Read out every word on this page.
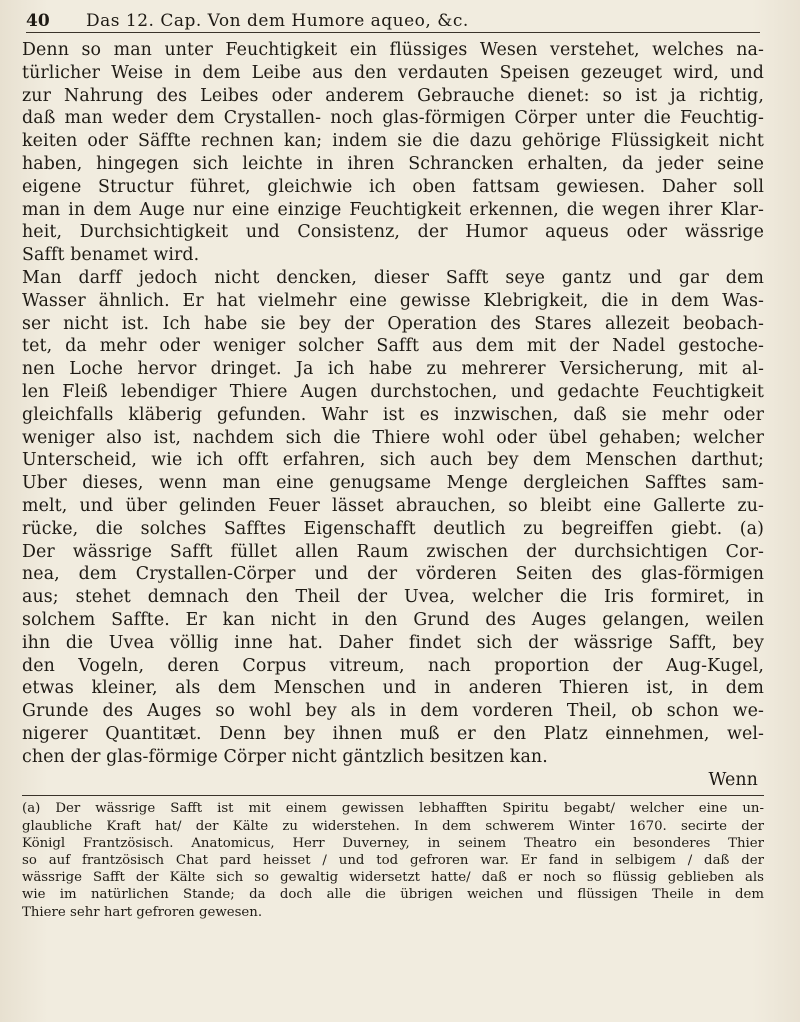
40 Das 12. Cap. Von dem Humore aqueo, &c.
Denn so man unter Feuchtigkeit ein flüssiges Wesen verstehet, welches na-
türlicher Weise in dem Leibe aus den verdauten Speisen gezeuget wird, und
zur Nahrung des Leibes oder anderem Gebrauche dienet: so ist ja richtig,
daß man weder dem Crystallen- noch glas-förmigen Cörper unter die Feuchtig-
keiten oder Säffte rechnen kan; indem sie die dazu gehörige Flüssigkeit nicht
haben, hingegen sich leichte in ihren Schrancken erhalten, da jeder seine
eigene Structur führet, gleichwie ich oben fattsam gewiesen. Daher soll
man in dem Auge nur eine einzige Feuchtigkeit erkennen, die wegen ihrer Klar-
heit, Durchsichtigkeit und Consistenz, der Humor aqueus oder wässrige
Safft benamet wird.
Man darff jedoch nicht dencken, dieser Safft seye gantz und gar dem
Wasser ähnlich. Er hat vielmehr eine gewisse Klebrigkeit, die in dem Was-
ser nicht ist. Ich habe sie bey der Operation des Stares allezeit beobach-
tet, da mehr oder weniger solcher Safft aus dem mit der Nadel gestoche-
nen Loche hervor dringet. Ja ich habe zu mehrerer Versicherung, mit al-
len Fleiß lebendiger Thiere Augen durchstochen, und gedachte Feuchtigkeit
gleichfalls kläberig gefunden. Wahr ist es inzwischen, daß sie mehr oder
weniger also ist, nachdem sich die Thiere wohl oder übel gehaben; welcher
Unterscheid, wie ich offt erfahren, sich auch bey dem Menschen darthut;
Uber dieses, wenn man eine genugsame Menge dergleichen Safftes sam-
melt, und über gelinden Feuer lässet abrauchen, so bleibt eine Gallerte zu-
rücke, die solches Safftes Eigenschafft deutlich zu begreiffen giebt. (a)
Der wässrige Safft füllet allen Raum zwischen der durchsichtigen Cor-
nea, dem Crystallen-Cörper und der vörderen Seiten des glas-förmigen
aus; stehet demnach den Theil der Uvea, welcher die Iris formiret, in
solchem Saffte. Er kan nicht in den Grund des Auges gelangen, weilen
ihn die Uvea völlig inne hat. Daher findet sich der wässrige Safft, bey
den Vogeln, deren Corpus vitreum, nach proportion der Aug-Kugel,
etwas kleiner, als dem Menschen und in anderen Thieren ist, in dem
Grunde des Auges so wohl bey als in dem vorderen Theil, ob schon we-
nigerer Quantitæt. Denn bey ihnen muß er den Platz einnehmen, wel-
chen der glas-förmige Cörper nicht gäntzlich besitzen kan.
Wenn
(a) Der wässrige Safft ist mit einem gewissen lebhafften Spiritu begabt/ welcher eine un-
glaubliche Kraft hat/ der Kälte zu widerstehen. In dem schwerem Winter 1670. secirte der
Königl Frantzösisch. Anatomicus, Herr Duverney, in seinem Theatro ein besonderes Thier
so auf frantzösisch Chat pard heisset / und tod gefroren war. Er fand in selbigem / daß der
wässrige Safft der Kälte sich so gewaltig widersetzt hatte/ daß er noch so flüssig geblieben als
wie im natürlichen Stande; da doch alle die übrigen weichen und flüssigen Theile in dem
Thiere sehr hart gefroren gewesen.
